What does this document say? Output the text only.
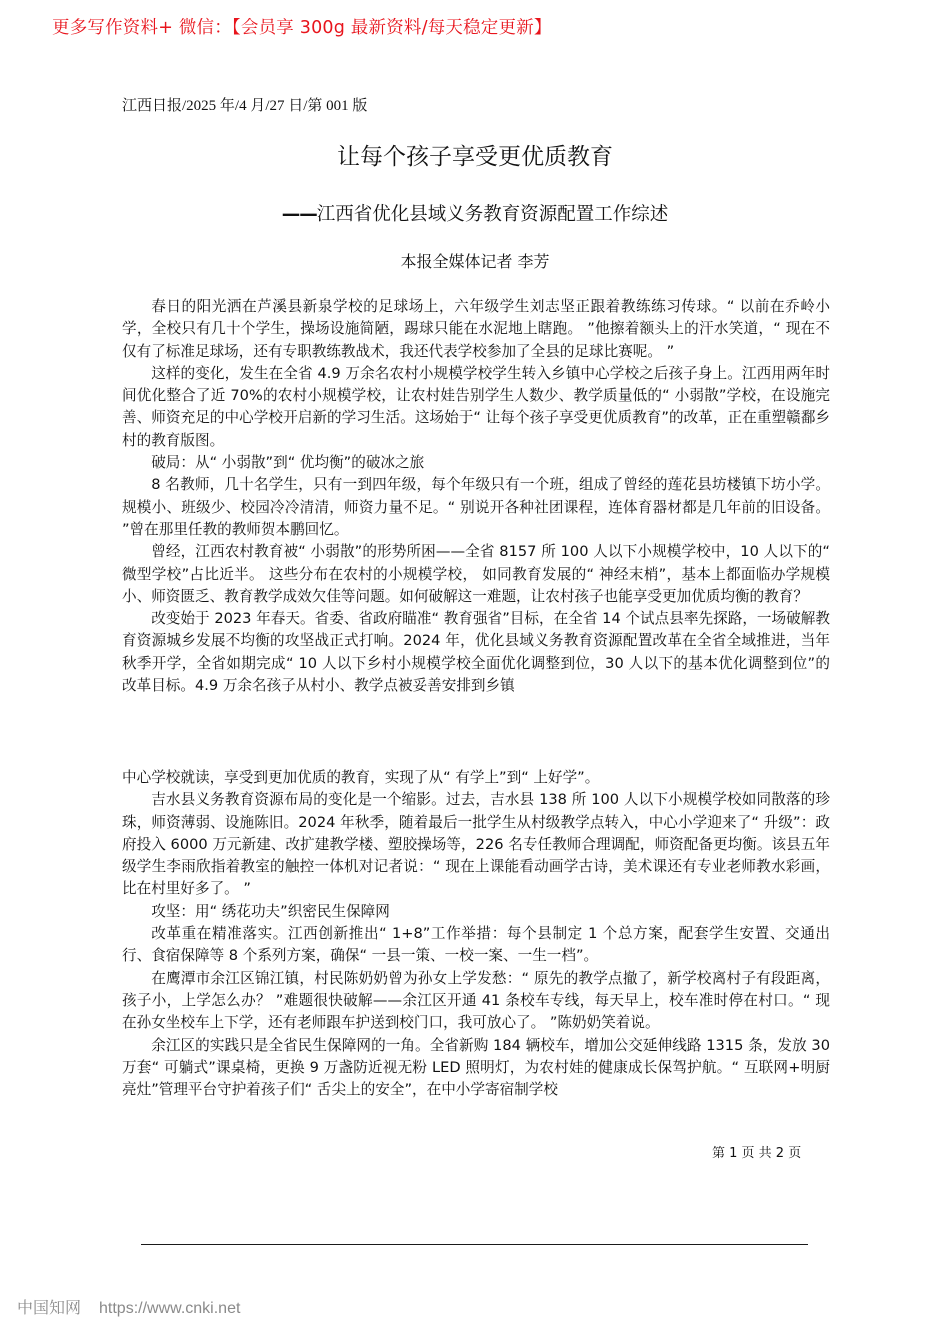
更多写作资料+ 微信：【会员享 300g 最新资料/每天稳定更新】
江西日报/2025 年/4 月/27 日/第 001 版
让每个孩子享受更优质教育
——江西省优化县域义务教育资源配置工作综述
本报全媒体记者 李芳

春日的阳光洒在芦溪县新泉学校的足球场上，六年级学生刘志坚正跟着教练练习传球。“ 以前在乔岭小学，全校只有几十个学生，操场设施简陋，踢球只能在水泥地上瞎跑。 ”他擦着额头上的汗水笑道，“ 现在不仅有了标准足球场，还有专职教练教战术，我还代表学校参加了全县的足球比赛呢。 ”

这样的变化，发生在全省 4.9 万余名农村小规模学校学生转入乡镇中心学校之后孩子身上。江西用两年时间优化整合了近 70%的农村小规模学校，让农村娃告别学生人数少、教学质量低的“ 小弱散”学校，在设施完善、师资充足的中心学校开启新的学习生活。这场始于“ 让每个孩子享受更优质教育”的改革，正在重塑赣鄱乡村的教育版图。

破局：从“ 小弱散”到“ 优均衡”的破冰之旅

8 名教师，几十名学生，只有一到四年级，每个年级只有一个班，组成了曾经的莲花县坊楼镇下坊小学。规模小、班级少、校园冷冷清清，师资力量不足。“ 别说开各种社团课程，连体育器材都是几年前的旧设备。 ”曾在那里任教的教师贺本鹏回忆。

曾经，江西农村教育被“ 小弱散”的形势所困——全省 8157 所 100 人以下小规模学校中，10 人以下的“ 微型学校”占比近半。 这些分布在农村的小规模学校， 如同教育发展的“ 神经末梢”，基本上都面临办学规模小、师资匮乏、教育教学成效欠佳等问题。如何破解这一难题，让农村孩子也能享受更加优质均衡的教育？

改变始于 2023 年春天。省委、省政府瞄准“ 教育强省”目标，在全省 14 个试点县率先探路，一场破解教育资源城乡发展不均衡的攻坚战正式打响。2024 年，优化县域义务教育资源配置改革在全省全域推进，当年秋季开学，全省如期完成“ 10 人以下乡村小规模学校全面优化调整到位，30 人以下的基本优化调整到位”的改革目标。4.9 万余名孩子从村小、教学点被妥善安排到乡镇

中心学校就读，享受到更加优质的教育，实现了从“ 有学上”到“ 上好学”。

吉水县义务教育资源布局的变化是一个缩影。过去，吉水县 138 所 100 人以下小规模学校如同散落的珍珠，师资薄弱、设施陈旧。2024 年秋季，随着最后一批学生从村级教学点转入，中心小学迎来了“ 升级”：政府投入 6000 万元新建、改扩建教学楼、塑胶操场等，226 名专任教师合理调配，师资配备更均衡。该县五年级学生李雨欣指着教室的触控一体机对记者说：“ 现在上课能看动画学古诗，美术课还有专业老师教水彩画，比在村里好多了。 ”

攻坚：用“ 绣花功夫”织密民生保障网

改革重在精准落实。江西创新推出“ 1+8”工作举措：每个县制定 1 个总方案，配套学生安置、交通出行、食宿保障等 8 个系列方案，确保“ 一县一策、一校一案、一生一档”。

在鹰潭市余江区锦江镇，村民陈奶奶曾为孙女上学发愁：“ 原先的教学点撤了，新学校离村子有段距离，孩子小，上学怎么办？ ”难题很快破解——余江区开通 41 条校车专线，每天早上，校车准时停在村口。“ 现在孙女坐校车上下学，还有老师跟车护送到校门口，我可放心了。 ”陈奶奶笑着说。

余江区的实践只是全省民生保障网的一角。全省新购 184 辆校车，增加公交延伸线路 1315 条，发放 30 万套“ 可躺式”课桌椅，更换 9 万盏防近视无粉 LED 照明灯，为农村娃的健康成长保驾护航。“ 互联网+明厨亮灶”管理平台守护着孩子们“ 舌尖上的安全”，在中小学寄宿制学校

第 1 页 共 2 页
中国知网 https://www.cnki.net
